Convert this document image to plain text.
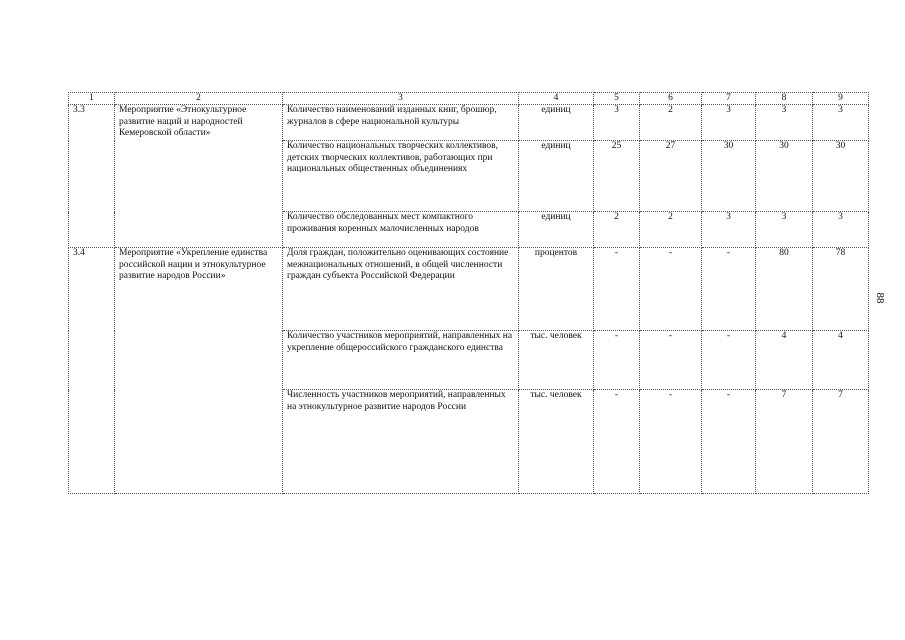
1	2	3	4	5	6	7	8	9
3.3	Мероприятие «Этнокультурное развитие наций и народностей Кемеровской области»	Количество наименований изданных книг, брошюр, журналов в сфере национальной культуры	единиц	3	2	3	3	3
		Количество национальных творческих коллективов, детских творческих коллективов, работающих при национальных общественных объединениях	единиц	25	27	30	30	30
		Количество обследованных мест компактного проживания коренных малочисленных народов	единиц	2	2	3	3	3
3.4	Мероприятие «Укрепление единства российской нации и этнокультурное развитие народов России»	Доля граждан, положительно оценивающих состояние межнациональных отношений, в общей численности граждан субъекта Российской Федерации	процентов	-	-	-	80	78
		Количество участников мероприятий, направленных на укрепление общероссийского гражданского единства	тыс. человек	-	-	-	4	4
		Численность участников мероприятий, направленных на этнокультурное развитие народов России	тыс. человек	-	-	-	7	7
88
